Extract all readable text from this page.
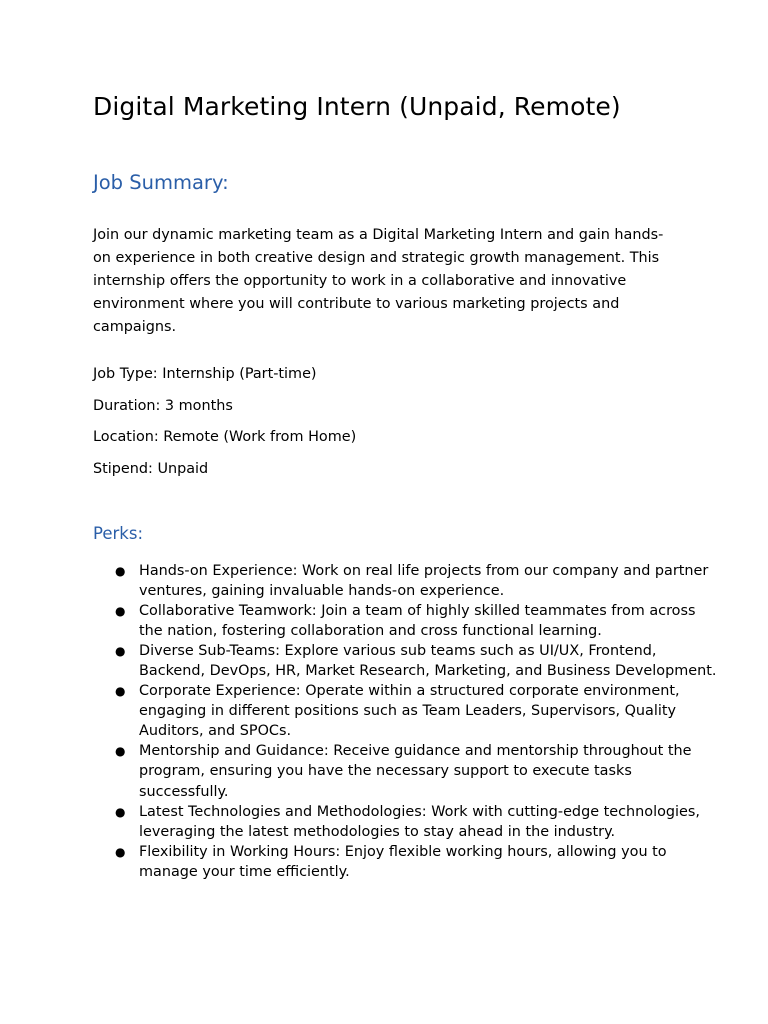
Digital Marketing Intern (Unpaid, Remote)
Job Summary:

Join our dynamic marketing team as a Digital Marketing Intern and gain hands-on experience in both creative design and strategic growth management. This internship offers the opportunity to work in a collaborative and innovative environment where you will contribute to various marketing projects and campaigns.

Job Type: Internship (Part-time)

Duration: 3 months

Location: Remote (Work from Home)

Stipend: Unpaid

Perks:
● Hands-on Experience: Work on real life projects from our company and partner ventures, gaining invaluable hands-on experience.
● Collaborative Teamwork: Join a team of highly skilled teammates from across the nation, fostering collaboration and cross functional learning.
● Diverse Sub-Teams: Explore various sub teams such as UI/UX, Frontend, Backend, DevOps, HR, Market Research, Marketing, and Business Development.
● Corporate Experience: Operate within a structured corporate environment, engaging in different positions such as Team Leaders, Supervisors, Quality Auditors, and SPOCs.
● Mentorship and Guidance: Receive guidance and mentorship throughout the program, ensuring you have the necessary support to execute tasks successfully.
● Latest Technologies and Methodologies: Work with cutting-edge technologies, leveraging the latest methodologies to stay ahead in the industry.
● Flexibility in Working Hours: Enjoy flexible working hours, allowing you to manage your time efficiently.
